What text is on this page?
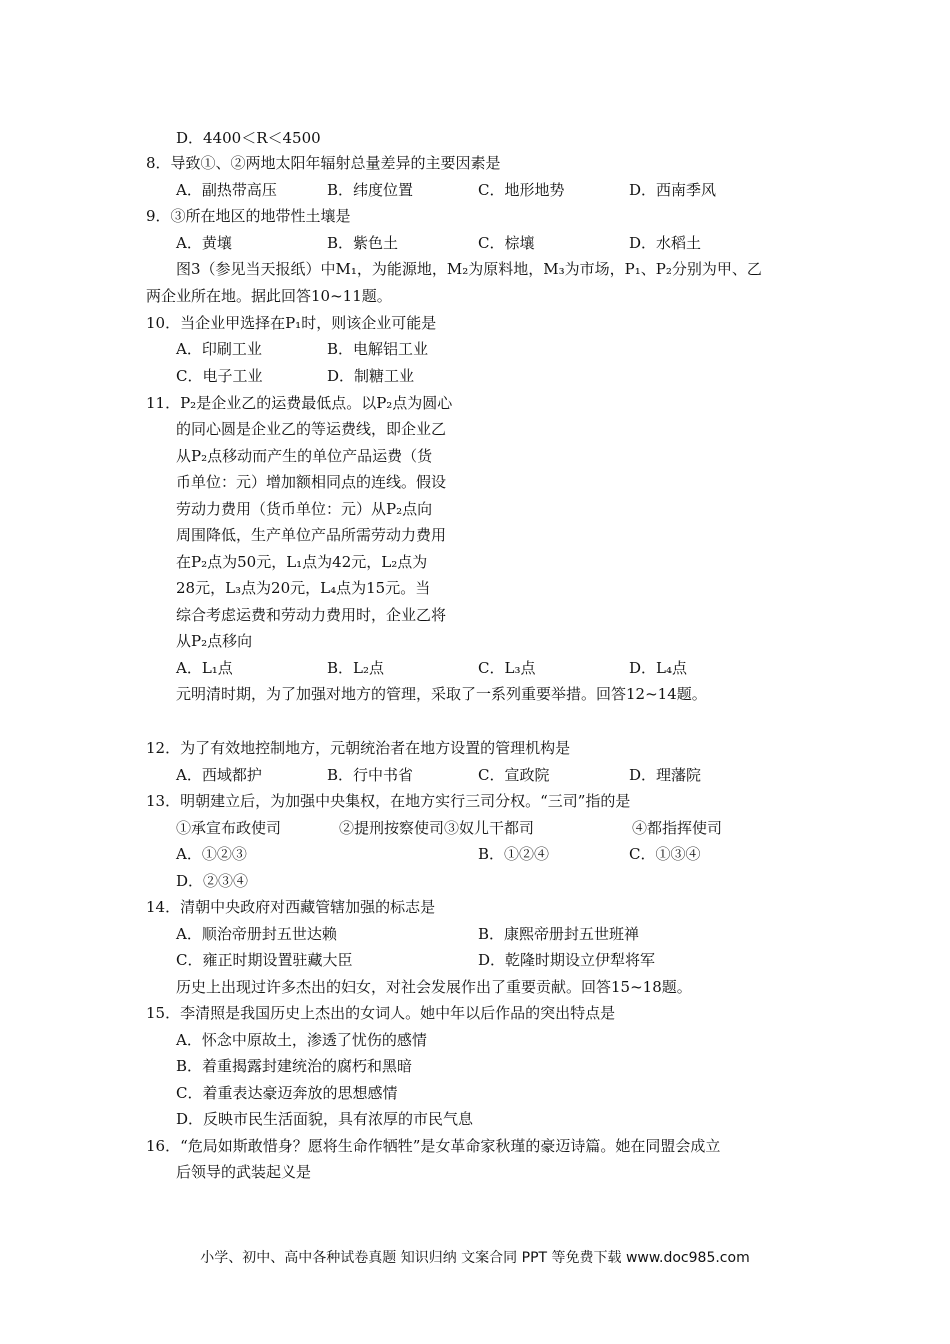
D．4400＜R＜4500
8．导致①、②两地太阳年辐射总量差异的主要因素是
A．副热带高压	B．纬度位置	C．地形地势	D．西南季风
9．③所在地区的地带性土壤是
A．黄壤	B．紫色土	C．棕壤	D．水稻土
图3（参见当天报纸）中M₁，为能源地，M₂为原料地，M₃为市场，P₁、P₂分别为甲、乙
两企业所在地。据此回答10~11题。
10．当企业甲选择在P₁时，则该企业可能是
A．印刷工业	B．电解铝工业
C．电子工业	D．制糖工业
11．P₂是企业乙的运费最低点。以P₂点为圆心
的同心圆是企业乙的等运费线，即企业乙
从P₂点移动而产生的单位产品运费（货
币单位：元）增加额相同点的连线。假设
劳动力费用（货币单位：元）从P₂点向
周围降低，生产单位产品所需劳动力费用
在P₂点为50元，L₁点为42元，L₂点为
28元，L₃点为20元，L₄点为15元。当
综合考虑运费和劳动力费用时，企业乙将
从P₂点移向
A．L₁点	B．L₂点	C．L₃点	D．L₄点
元明清时期，为了加强对地方的管理，采取了一系列重要举措。回答12~14题。
12．为了有效地控制地方，元朝统治者在地方设置的管理机构是
A．西域都护	B．行中书省	C．宣政院	D．理藩院
13．明朝建立后，为加强中央集权，在地方实行三司分权。“三司”指的是
①承宣布政使司	②提刑按察使司③奴儿干都司	④都指挥使司
A．①②③	B．①②④	C．①③④
D．②③④
14．清朝中央政府对西藏管辖加强的标志是
A．顺治帝册封五世达赖	B．康熙帝册封五世班禅
C．雍正时期设置驻藏大臣	D．乾隆时期设立伊犁将军
历史上出现过许多杰出的妇女，对社会发展作出了重要贡献。回答15~18题。
15．李清照是我国历史上杰出的女词人。她中年以后作品的突出特点是
A．怀念中原故土，渗透了忧伤的感情
B．着重揭露封建统治的腐朽和黑暗
C．着重表达豪迈奔放的思想感情
D．反映市民生活面貌，具有浓厚的市民气息
16．“危局如斯敢惜身？愿将生命作牺牲”是女革命家秋瑾的豪迈诗篇。她在同盟会成立
后领导的武装起义是
小学、初中、高中各种试卷真题 知识归纳 文案合同 PPT 等免费下载 www.doc985.com
